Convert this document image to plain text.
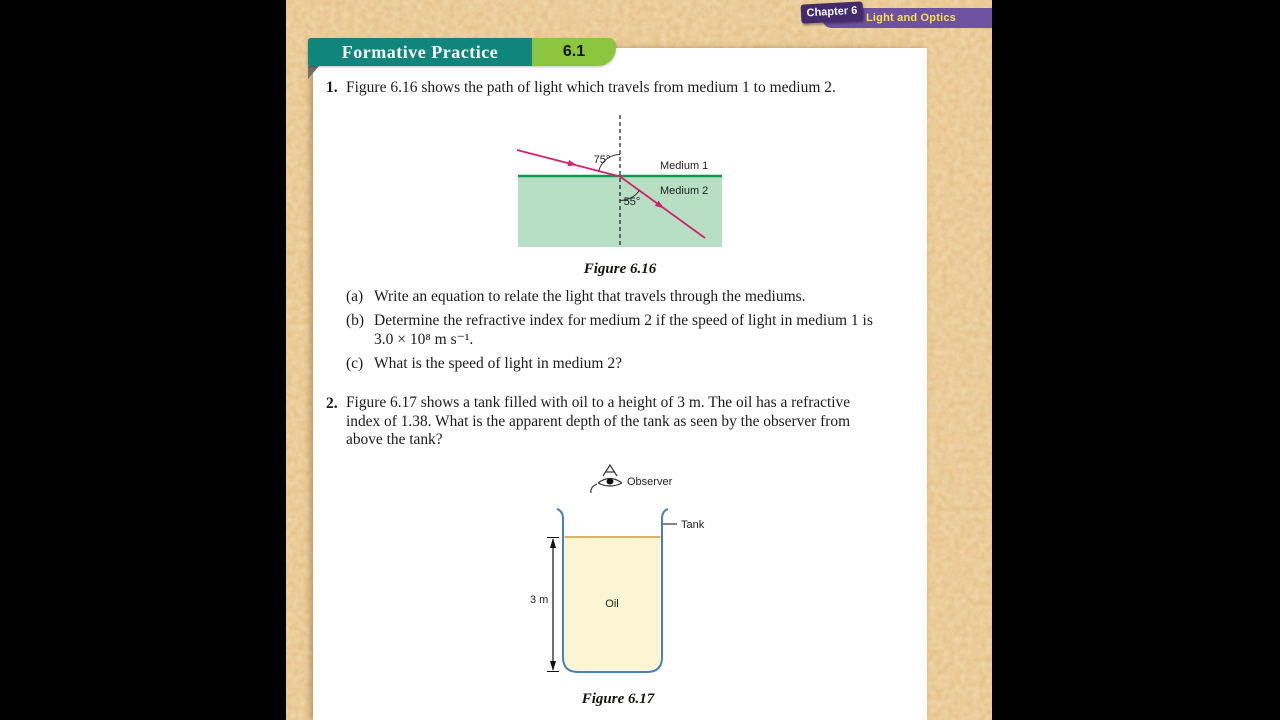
1. Figure 6.16 shows the path of light which travels from medium 1 to medium 2.
75°
55°
Medium 1
Medium 2
Figure 6.16
(a) Write an equation to relate the light that travels through the mediums.
(b) Determine the refractive index for medium 2 if the speed of light in medium 1 is 3.0 × 10⁸ m s⁻¹.
(c) What is the speed of light in medium 2?
2. Figure 6.17 shows a tank filled with oil to a height of 3 m. The oil has a refractive index of 1.38. What is the apparent depth of the tank as seen by the observer from above the tank?
Observer
Tank
Oil
3 m
Figure 6.17
Light and Optics
Chapter 6
Formative Practice	6.1
